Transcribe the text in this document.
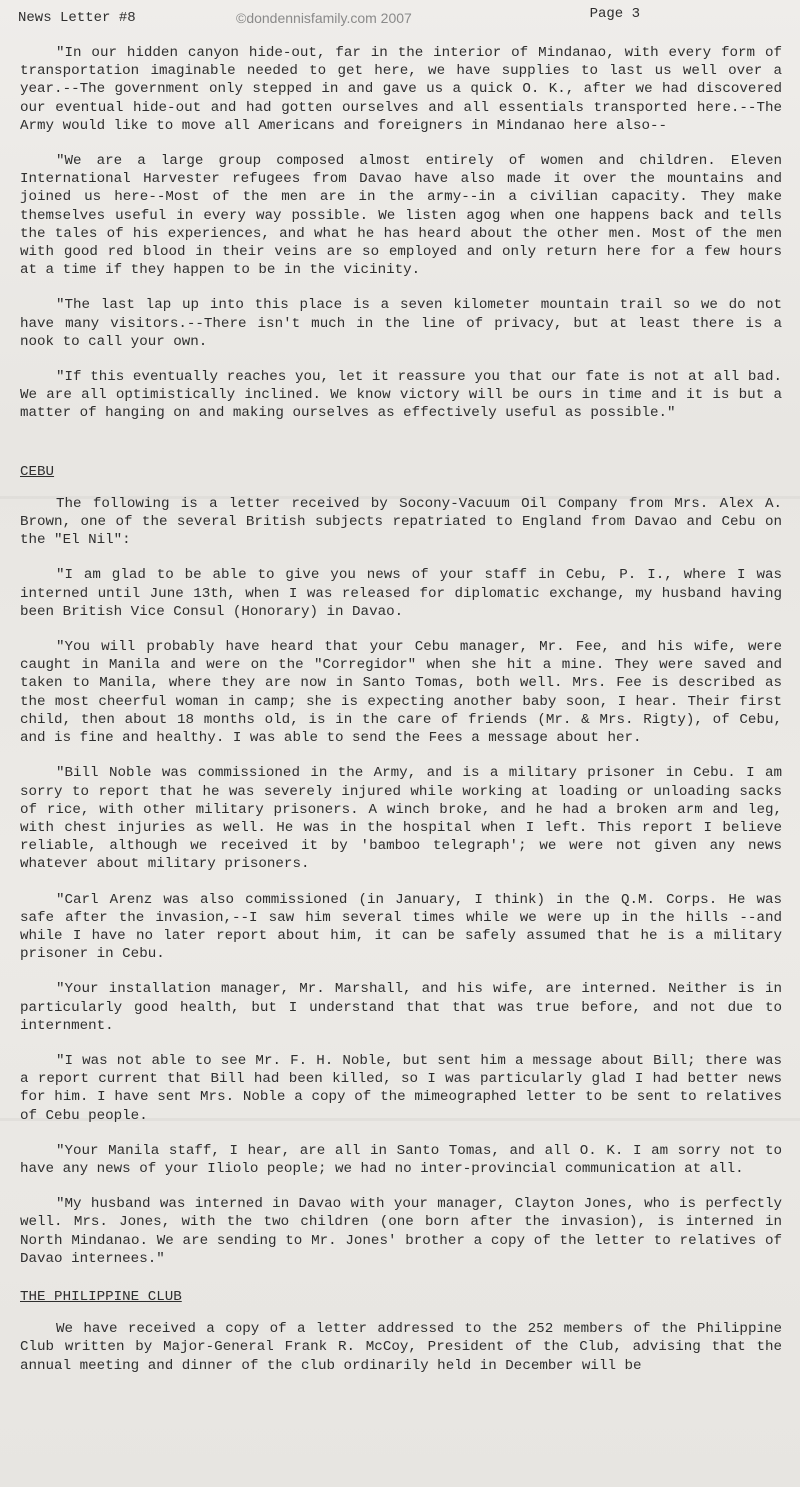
News Letter #8	©dondennisfamily.com 2007	Page 3

"In our hidden canyon hide-out, far in the interior of Mindanao, with every form of transportation imaginable needed to get here, we have supplies to last us well over a year.--The government only stepped in and gave us a quick O. K., after we had discovered our eventual hide-out and had gotten ourselves and all essentials transported here.--The Army would like to move all Americans and foreigners in Mindanao here also--

"We are a large group composed almost entirely of women and children. Eleven International Harvester refugees from Davao have also made it over the mountains and joined us here--Most of the men are in the army--in a civilian capacity. They make themselves useful in every way possible. We listen agog when one happens back and tells the tales of his experiences, and what he has heard about the other men. Most of the men with good red blood in their veins are so employed and only return here for a few hours at a time if they happen to be in the vicinity.

"The last lap up into this place is a seven kilometer mountain trail so we do not have many visitors.--There isn't much in the line of privacy, but at least there is a nook to call your own.

"If this eventually reaches you, let it reassure you that our fate is not at all bad. We are all optimistically inclined. We know victory will be ours in time and it is but a matter of hanging on and making ourselves as effectively useful as possible."

CEBU

The following is a letter received by Socony-Vacuum Oil Company from Mrs. Alex A. Brown, one of the several British subjects repatriated to England from Davao and Cebu on the "El Nil":

"I am glad to be able to give you news of your staff in Cebu, P. I., where I was interned until June 13th, when I was released for diplomatic exchange, my husband having been British Vice Consul (Honorary) in Davao.

"You will probably have heard that your Cebu manager, Mr. Fee, and his wife, were caught in Manila and were on the "Corregidor" when she hit a mine. They were saved and taken to Manila, where they are now in Santo Tomas, both well. Mrs. Fee is described as the most cheerful woman in camp; she is expecting another baby soon, I hear. Their first child, then about 18 months old, is in the care of friends (Mr. & Mrs. Rigty), of Cebu, and is fine and healthy. I was able to send the Fees a message about her.

"Bill Noble was commissioned in the Army, and is a military prisoner in Cebu. I am sorry to report that he was severely injured while working at loading or unloading sacks of rice, with other military prisoners. A winch broke, and he had a broken arm and leg, with chest injuries as well. He was in the hospital when I left. This report I believe reliable, although we received it by 'bamboo telegraph'; we were not given any news whatever about military prisoners.

"Carl Arenz was also commissioned (in January, I think) in the Q.M. Corps. He was safe after the invasion,--I saw him several times while we were up in the hills --and while I have no later report about him, it can be safely assumed that he is a military prisoner in Cebu.

"Your installation manager, Mr. Marshall, and his wife, are interned. Neither is in particularly good health, but I understand that that was true before, and not due to internment.

"I was not able to see Mr. F. H. Noble, but sent him a message about Bill; there was a report current that Bill had been killed, so I was particularly glad I had better news for him. I have sent Mrs. Noble a copy of the mimeographed letter to be sent to relatives of Cebu people.

"Your Manila staff, I hear, are all in Santo Tomas, and all O. K. I am sorry not to have any news of your Iliolo people; we had no inter-provincial communication at all.

"My husband was interned in Davao with your manager, Clayton Jones, who is perfectly well. Mrs. Jones, with the two children (one born after the invasion), is interned in North Mindanao. We are sending to Mr. Jones' brother a copy of the letter to relatives of Davao internees."

THE PHILIPPINE CLUB

We have received a copy of a letter addressed to the 252 members of the Philippine Club written by Major-General Frank R. McCoy, President of the Club, advising that the annual meeting and dinner of the club ordinarily held in December will be
